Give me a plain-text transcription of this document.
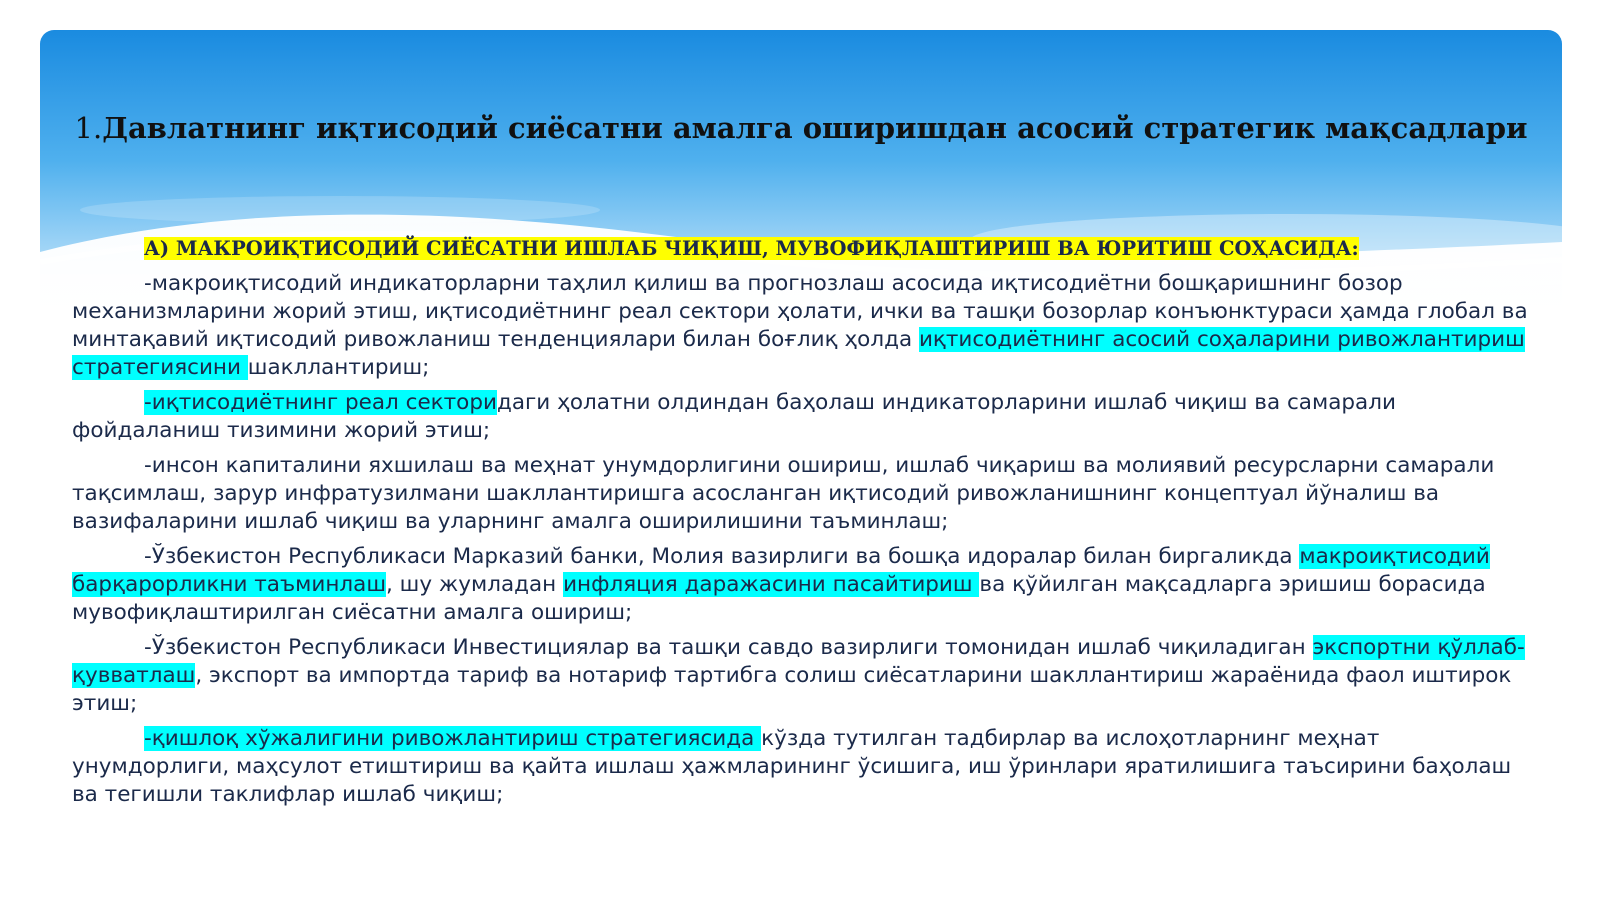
1.Давлатнинг иқтисодий сиёсатни амалга оширишдан асосий стратегик мақсадлари

А) МАКРОИҚТИСОДИЙ СИЁСАТНИ ИШЛАБ ЧИҚИШ, МУВОФИҚЛАШТИРИШ ВА ЮРИТИШ СОҲАСИДА:

-макроиқтисодий индикаторларни таҳлил қилиш ва прогнозлаш асосида иқтисодиётни бошқаришнинг бозор механизмларини жорий этиш, иқтисодиётнинг реал сектори ҳолати, ички ва ташқи бозорлар конъюнктураси ҳамда глобал ва минтақавий иқтисодий ривожланиш тенденциялари билан боғлиқ ҳолда иқтисодиётнинг асосий соҳаларини ривожлантириш стратегиясини шакллантириш;

-иқтисодиётнинг реал секторидаги ҳолатни олдиндан баҳолаш индикаторларини ишлаб чиқиш ва самарали фойдаланиш тизимини жорий этиш;

-инсон капиталини яхшилаш ва меҳнат унумдорлигини ошириш, ишлаб чиқариш ва молиявий ресурсларни самарали тақсимлаш, зарур инфратузилмани шакллантиришга асосланган иқтисодий ривожланишнинг концептуал йўналиш ва вазифаларини ишлаб чиқиш ва уларнинг амалга оширилишини таъминлаш;

-Ўзбекистон Республикаси Марказий банки, Молия вазирлиги ва бошқа идоралар билан биргаликда макроиқтисодий барқарорликни таъминлаш, шу жумладан инфляция даражасини пасайтириш ва қўйилган мақсадларга эришиш борасида мувофиқлаштирилган сиёсатни амалга ошириш;

-Ўзбекистон Республикаси Инвестициялар ва ташқи савдо вазирлиги томонидан ишлаб чиқиладиган экспортни қўллаб-қувватлаш, экспорт ва импортда тариф ва нотариф тартибга солиш сиёсатларини шакллантириш жараёнида фаол иштирок этиш;

-қишлоқ хўжалигини ривожлантириш стратегиясида кўзда тутилган тадбирлар ва ислоҳотларнинг меҳнат унумдорлиги, маҳсулот етиштириш ва қайта ишлаш ҳажмларининг ўсишига, иш ўринлари яратилишига таъсирини баҳолаш ва тегишли таклифлар ишлаб чиқиш;
